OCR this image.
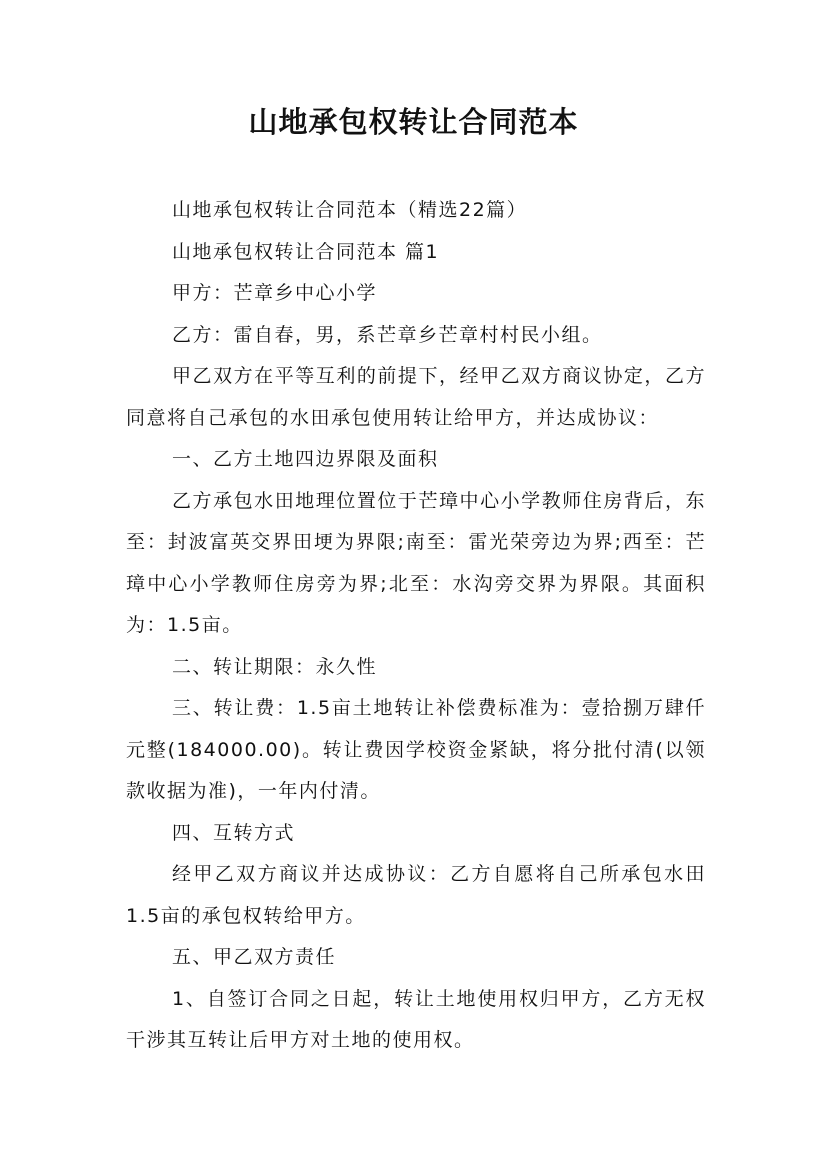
山地承包权转让合同范本

山地承包权转让合同范本（精选22篇）

山地承包权转让合同范本 篇1

甲方：芒章乡中心小学

乙方：雷自春，男，系芒章乡芒章村村民小组。

甲乙双方在平等互利的前提下，经甲乙双方商议协定，乙方同意将自己承包的水田承包使用转让给甲方，并达成协议：

一、乙方土地四边界限及面积

乙方承包水田地理位置位于芒璋中心小学教师住房背后，东至：封波富英交界田埂为界限;南至：雷光荣旁边为界;西至：芒璋中心小学教师住房旁为界;北至：水沟旁交界为界限。其面积为：1.5亩。

二、转让期限：永久性

三、转让费：1.5亩土地转让补偿费标准为：壹拾捌万肆仟元整(184000.00)。转让费因学校资金紧缺，将分批付清(以领款收据为准)，一年内付清。

四、互转方式

经甲乙双方商议并达成协议：乙方自愿将自己所承包水田1.5亩的承包权转给甲方。

五、甲乙双方责任

1、自签订合同之日起，转让土地使用权归甲方，乙方无权干涉其互转让后甲方对土地的使用权。
